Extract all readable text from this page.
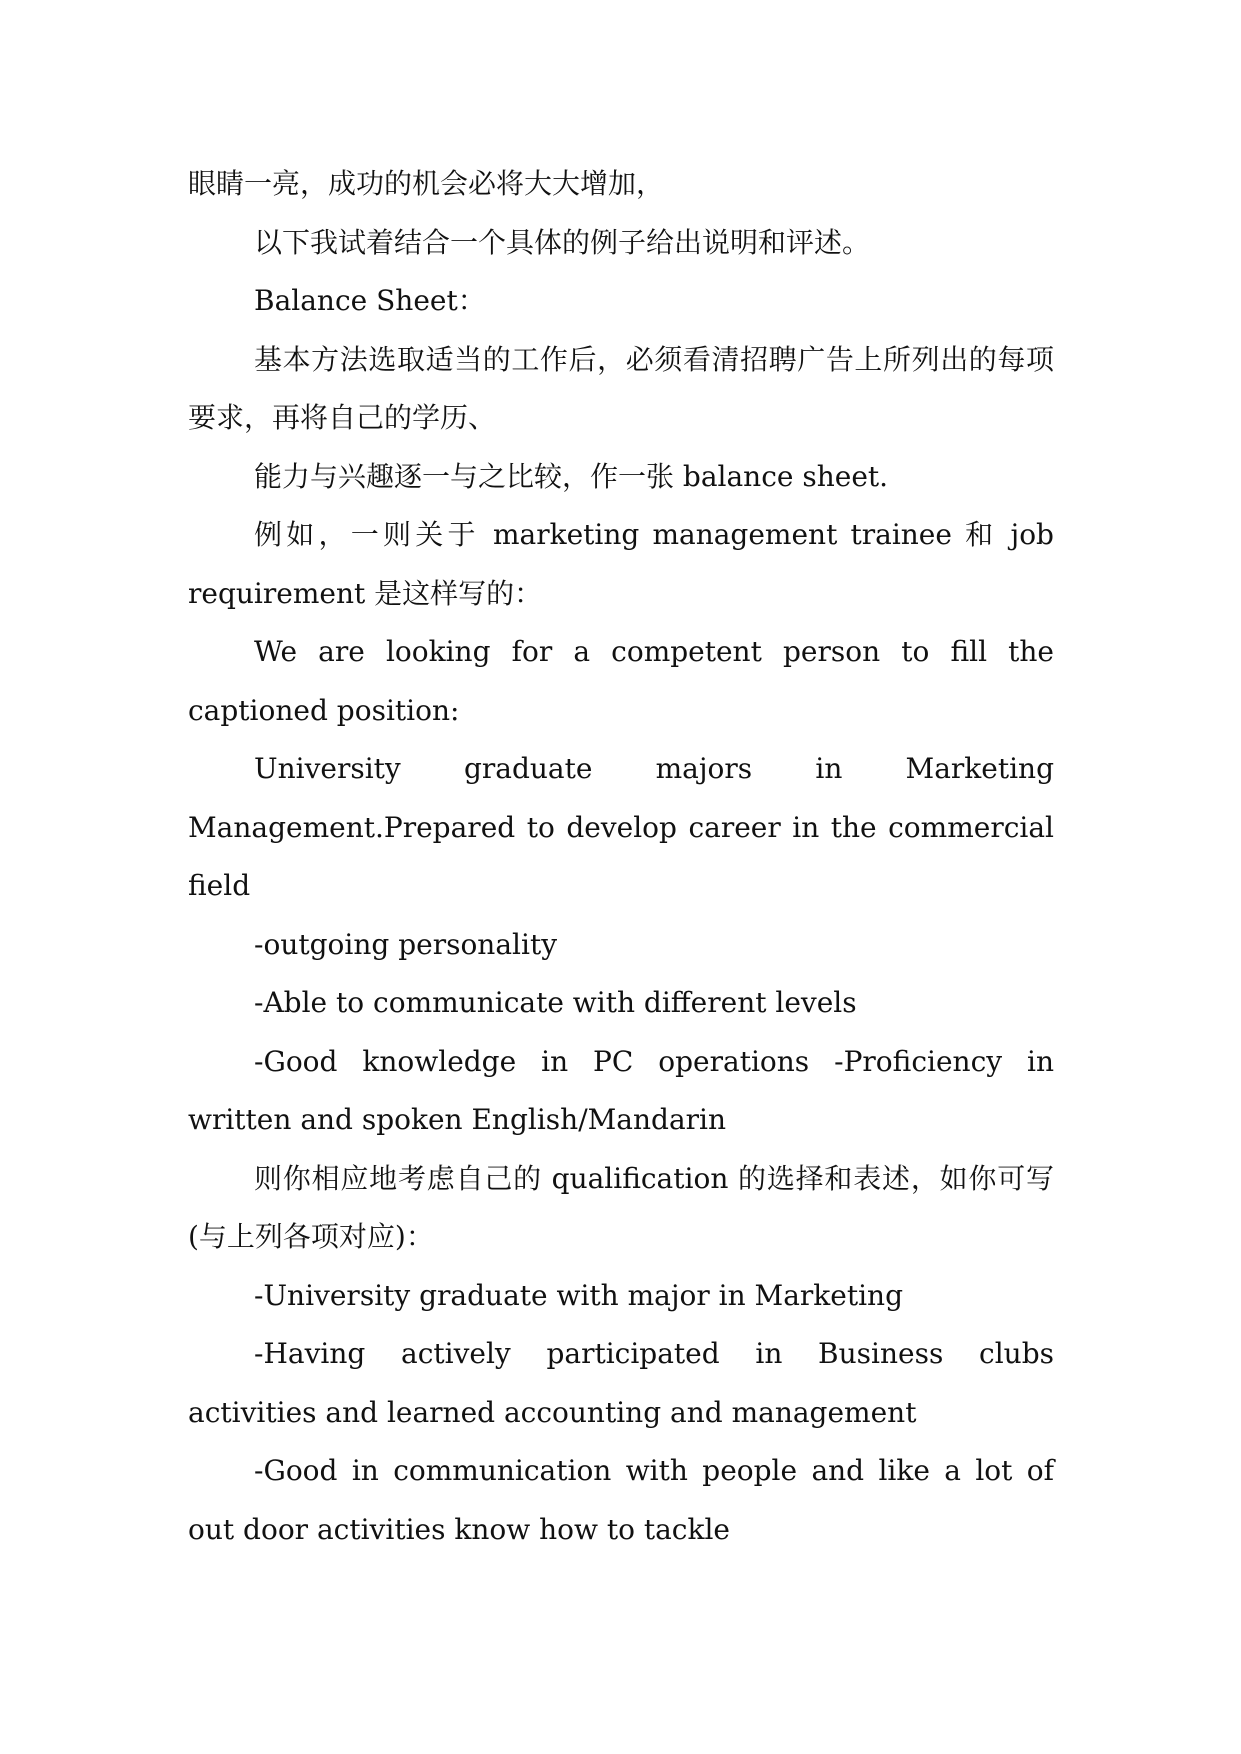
眼睛一亮，成功的机会必将大大增加，

以下我试着结合一个具体的例子给出说明和评述。

Balance Sheet：

基本方法选取适当的工作后，必须看清招聘广告上所列出的每项要求，再将自己的学历、

能力与兴趣逐一与之比较，作一张 balance sheet.

例如，一则关于 marketing management trainee 和 job requirement 是这样写的：

We are looking for a competent person to fill the captioned position:

University graduate majors in Marketing Management.Prepared to develop career in the commercial field

-outgoing personality

-Able to communicate with different levels

-Good knowledge in PC operations -Proficiency in written and spoken English/Mandarin

则你相应地考虑自己的 qualification 的选择和表述，如你可写(与上列各项对应)：

-University graduate with major in Marketing

-Having actively participated in Business clubs activities and learned accounting and management

-Good in communication with people and like a lot of out door activities know how to tackle
